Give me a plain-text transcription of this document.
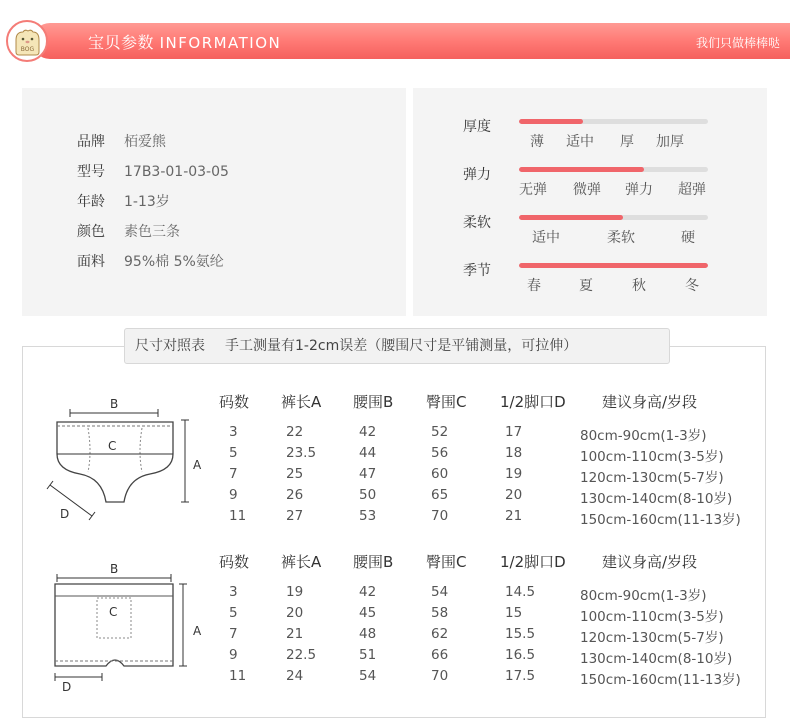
BOG	宝贝参数 INFORMATION	我们只做棒棒哒
品牌 栢爱熊
型号 17B3-01-03-05
年龄 1-13岁
颜色 素色三条
面料 95%棉 5%氨纶
厚度
薄 适中 厚 加厚
弹力
无弹 微弹 弹力 超弹
柔软
适中	柔软	硬
季节
春	夏	秋	冬
尺寸对照表 手工测量有1-2cm误差（腰围尺寸是平铺测量，可拉伸）
B
C
A
D
B
C
A
D
码数 裤长A 腰围B 臀围C 1/2脚口D 建议身高/岁段
3	22	42	52	17	80cm-90cm(1-3岁)
5	23.5	44	56	18	100cm-110cm(3-5岁)
7	25	47	60	19	120cm-130cm(5-7岁)
9	26	50	65	20	130cm-140cm(8-10岁)
11	27	53	70	21	150cm-160cm(11-13岁)
码数 裤长A 腰围B 臀围C 1/2脚口D 建议身高/岁段
3	19	42	54	14.5	80cm-90cm(1-3岁)
5	20	45	58	15	100cm-110cm(3-5岁)
7	21	48	62	15.5	120cm-130cm(5-7岁)
9	22.5	51	66	16.5	130cm-140cm(8-10岁)
11	24	54	70	17.5	150cm-160cm(11-13岁)
